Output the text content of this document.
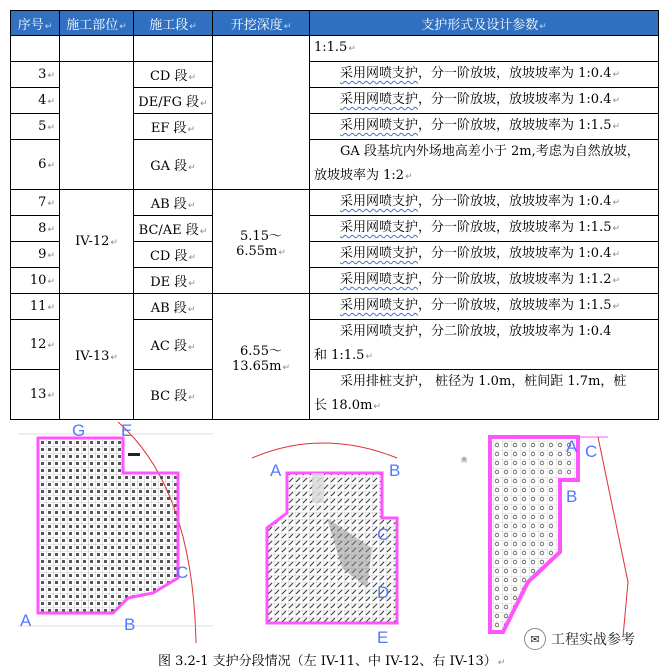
序号↵	施工部位↵	施工段↵	开挖深度↵	支护形式及设计参数↵
				1:1.5↵
3↵		CD 段↵		采用网喷支护，分一阶放坡，放坡坡率为 1:0.4↵
4↵		DE/FG 段↵		采用网喷支护，分一阶放坡，放坡坡率为 1:0.4↵
5↵		EF 段↵		采用网喷支护，分一阶放坡，放坡坡率为 1:1.5↵
6↵		GA 段↵		GA 段基坑内外场地高差小于 2m,考虑为自然放坡，
放坡坡率为 1:2↵
7↵	IV-12↵	AB 段↵	5.15～6.55m↵	采用网喷支护，分一阶放坡，放坡坡率为 1:0.4↵
8↵		BC/AE 段↵		采用网喷支护，分一阶放坡，放坡坡率为 1:1.5↵
9↵		CD 段↵		采用网喷支护，分一阶放坡，放坡坡率为 1:0.4↵
10↵		DE 段↵		采用网喷支护，分一阶放坡，放坡坡率为 1:1.2↵
11↵	IV-13↵	AB 段↵	6.55～13.65m↵	采用网喷支护，分一阶放坡，放坡坡率为 1:1.5↵
12↵		AC 段↵		采用网喷支护，分二阶放坡，放坡坡率为 1:0.4
和 1:1.5↵
13↵		BC 段↵		采用排桩支护， 桩径为 1.0m，桩间距 1.7m，桩
长 18.0m↵
G E
C
A	B
A	B
C
D
E
南
A
B
C
✉ 工程实战参考
图 3.2-1 支护分段情况（左 IV-11、中 IV-12、右 IV-13）↵
